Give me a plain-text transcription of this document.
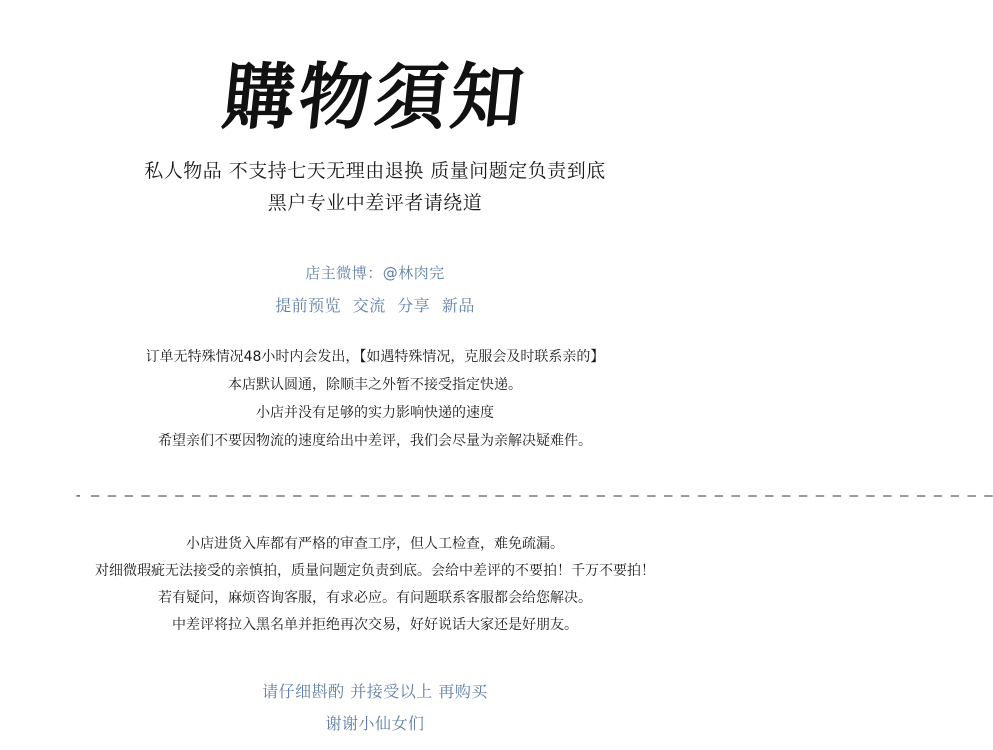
購物須知
私人物品 不支持七天无理由退换 质量问题定负责到底
黑户专业中差评者请绕道
店主微博：@林肉完
提前预览 交流 分享 新品
订单无特殊情况48小时内会发出，【如遇特殊情况，克服会及时联系亲的】
本店默认圆通，除顺丰之外暂不接受指定快递。
小店并没有足够的实力影响快递的速度
希望亲们不要因物流的速度给出中差评，我们会尽量为亲解决疑难件。
- — — — — — — — — — — — — — — — — — — — — — — — — — — — — — — — — — — — — — — — — — — — — — — — — — — — — — —
小店进货入库都有严格的审查工序，但人工检查，难免疏漏。
对细微瑕疵无法接受的亲慎拍，质量问题定负责到底。会给中差评的不要拍！千万不要拍！
若有疑问，麻烦咨询客服，有求必应。有问题联系客服都会给您解决。
中差评将拉入黑名单并拒绝再次交易，好好说话大家还是好朋友。
请仔细斟酌 并接受以上 再购买
谢谢小仙女们
